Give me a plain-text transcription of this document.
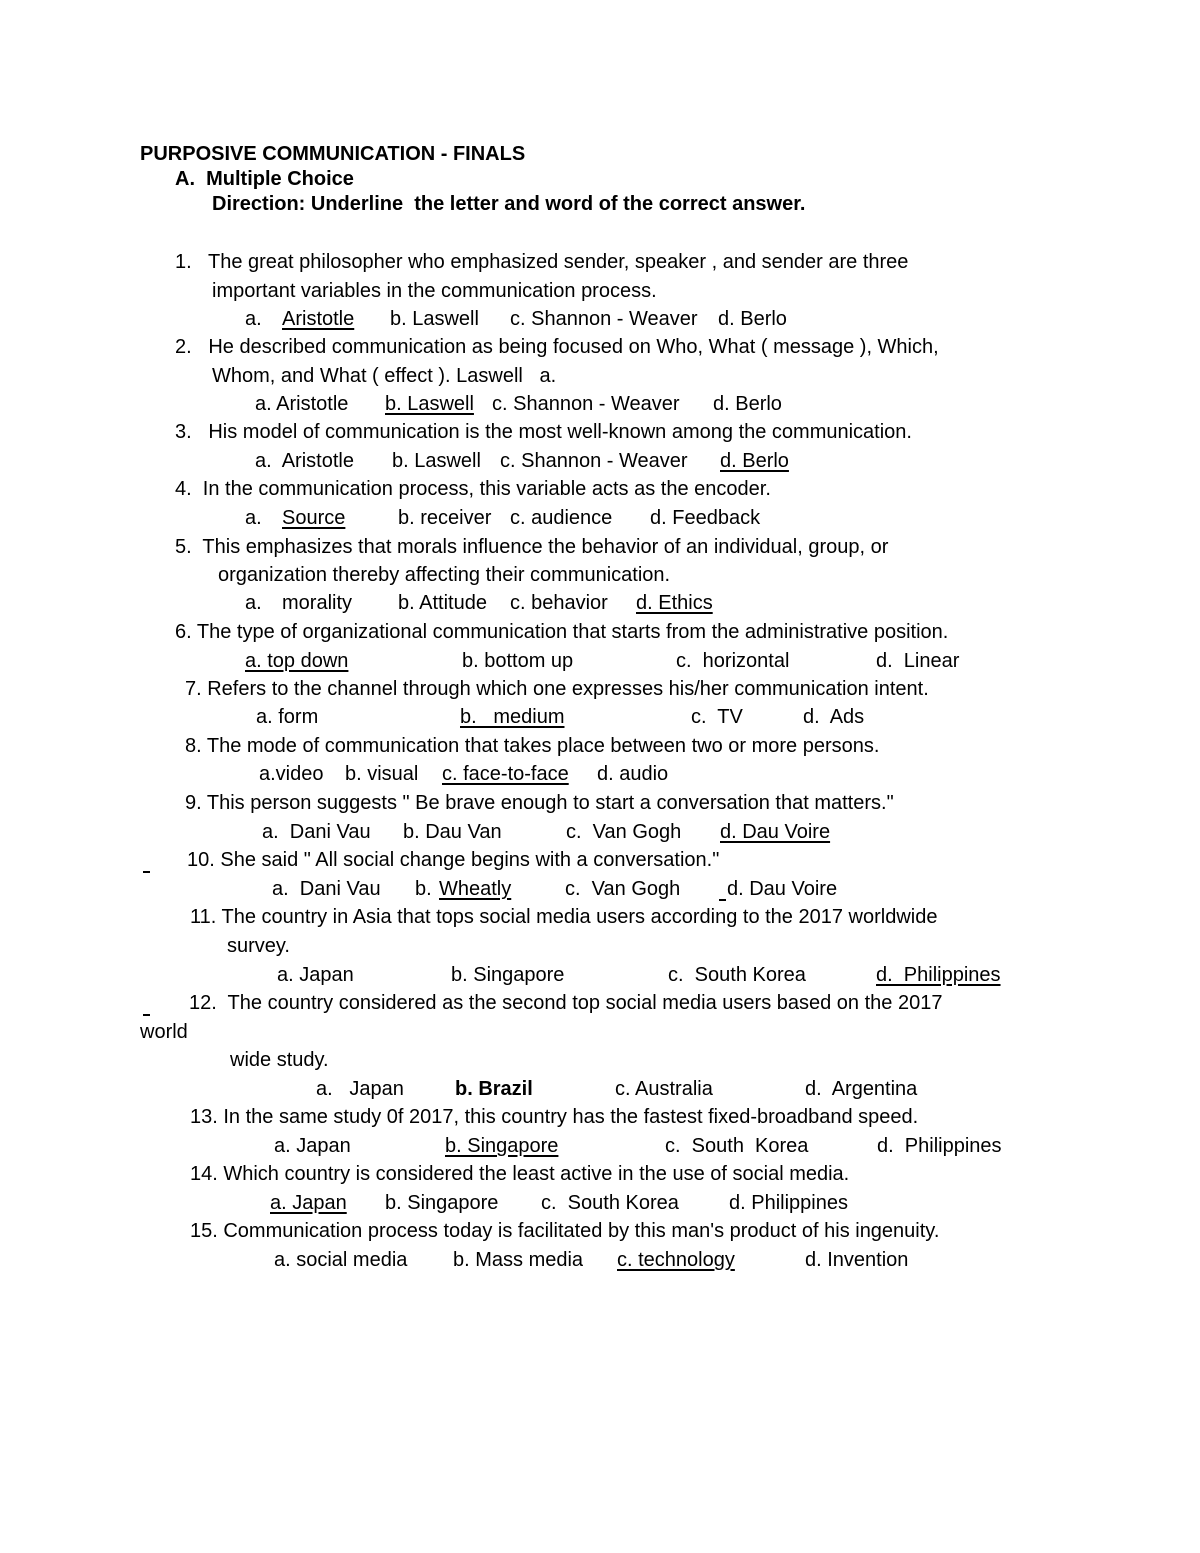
PURPOSIVE COMMUNICATION - FINALS
A.  Multiple Choice
Direction: Underline  the letter and word of the correct answer.
1.   The great philosopher who emphasized sender, speaker , and sender are three
important variables in the communication process.
a. Aristotle b. Laswell c. Shannon - Weaver d. Berlo
2.   He described communication as being focused on Who, What ( message ), Which,
Whom, and What ( effect ). Laswell   a.
a. Aristotle b. Laswell c. Shannon - Weaver d. Berlo
3.   His model of communication is the most well-known among the communication.
a.  Aristotle b. Laswell c. Shannon - Weaver d. Berlo
4.  In the communication process, this variable acts as the encoder.
a. Source	b. receiver c. audience d. Feedback
5.  This emphasizes that morals influence the behavior of an individual, group, or
organization thereby affecting their communication.
a. morality b. Attitude c. behavior d. Ethics
6. The type of organizational communication that starts from the administrative position.
a. top down	b. bottom up	c.  horizontal	d.  Linear
7. Refers to the channel through which one expresses his/her communication intent.
a. form	b.   medium	c.  TV	d.  Ads
8. The mode of communication that takes place between two or more persons.
a.video b. visual c. face-to-face d. audio
9. This person suggests " Be brave enough to start a conversation that matters."
a.  Dani Vau b. Dau Van	c.  Van Gogh d. Dau Voire
10. She said " All social change begins with a conversation."
a.  Dani Vau b. Wheatly	c.  Van Gogh d. Dau Voire
11. The country in Asia that tops social media users according to the 2017 worldwide
survey.
a. Japan	b. Singapore	c.  South Korea	d.  Philippines
12.  The country considered as the second top social media users based on the 2017
world
wide study.
a.   Japan	b. Brazil	c. Australia	d.  Argentina
13. In the same study 0f 2017, this country has the fastest fixed-broadband speed.
a. Japan	b. Singapore	c.  South  Korea	d.  Philippines
14. Which country is considered the least active in the use of social media.
a. Japan b. Singapore c.  South Korea	d. Philippines
15. Communication process today is facilitated by this man's product of his ingenuity.
a. social media b. Mass media c. technology	d. Invention
